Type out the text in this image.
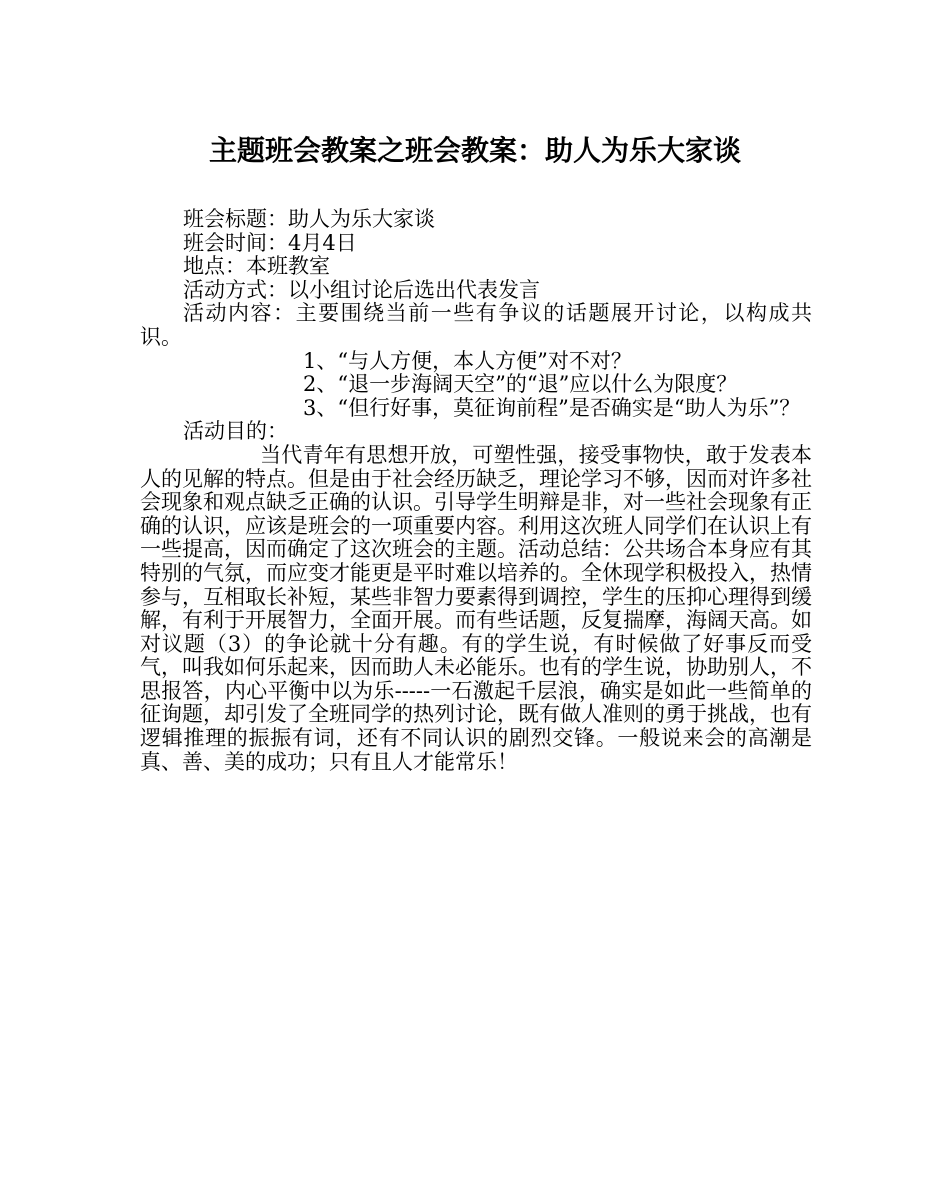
主题班会教案之班会教案：助人为乐大家谈

班会标题：助人为乐大家谈

班会时间：4月4日

地点：本班教室

活动方式：以小组讨论后选出代表发言

活动内容：主要围绕当前一些有争议的话题展开讨论，以构成共识。

1、“与人方便，本人方便”对不对？

2、“退一步海阔天空”的“退”应以什么为限度？

3、“但行好事，莫征询前程”是否确实是“助人为乐”？

活动目的：

当代青年有思想开放，可塑性强，接受事物快，敢于发表本人的见解的特点。但是由于社会经历缺乏，理论学习不够，因而对许多社会现象和观点缺乏正确的认识。引导学生明辩是非，对一些社会现象有正确的认识，应该是班会的一项重要内容。利用这次班人同学们在认识上有一些提高，因而确定了这次班会的主题。活动总结：公共场合本身应有其特别的气氛，而应变才能更是平时难以培养的。全休现学积极投入，热情参与，互相取长补短，某些非智力要素得到调控，学生的压抑心理得到缓解，有利于开展智力，全面开展。而有些话题，反复揣摩，海阔天高。如对议题（3）的争论就十分有趣。有的学生说，有时候做了好事反而受气，叫我如何乐起来，因而助人未必能乐。也有的学生说，协助别人，不思报答，内心平衡中以为乐-----一石激起千层浪，确实是如此一些简单的征询题，却引发了全班同学的热列讨论，既有做人准则的勇于挑战，也有逻辑推理的振振有词，还有不同认识的剧烈交锋。一般说来会的高潮是真、善、美的成功；只有且人才能常乐！
